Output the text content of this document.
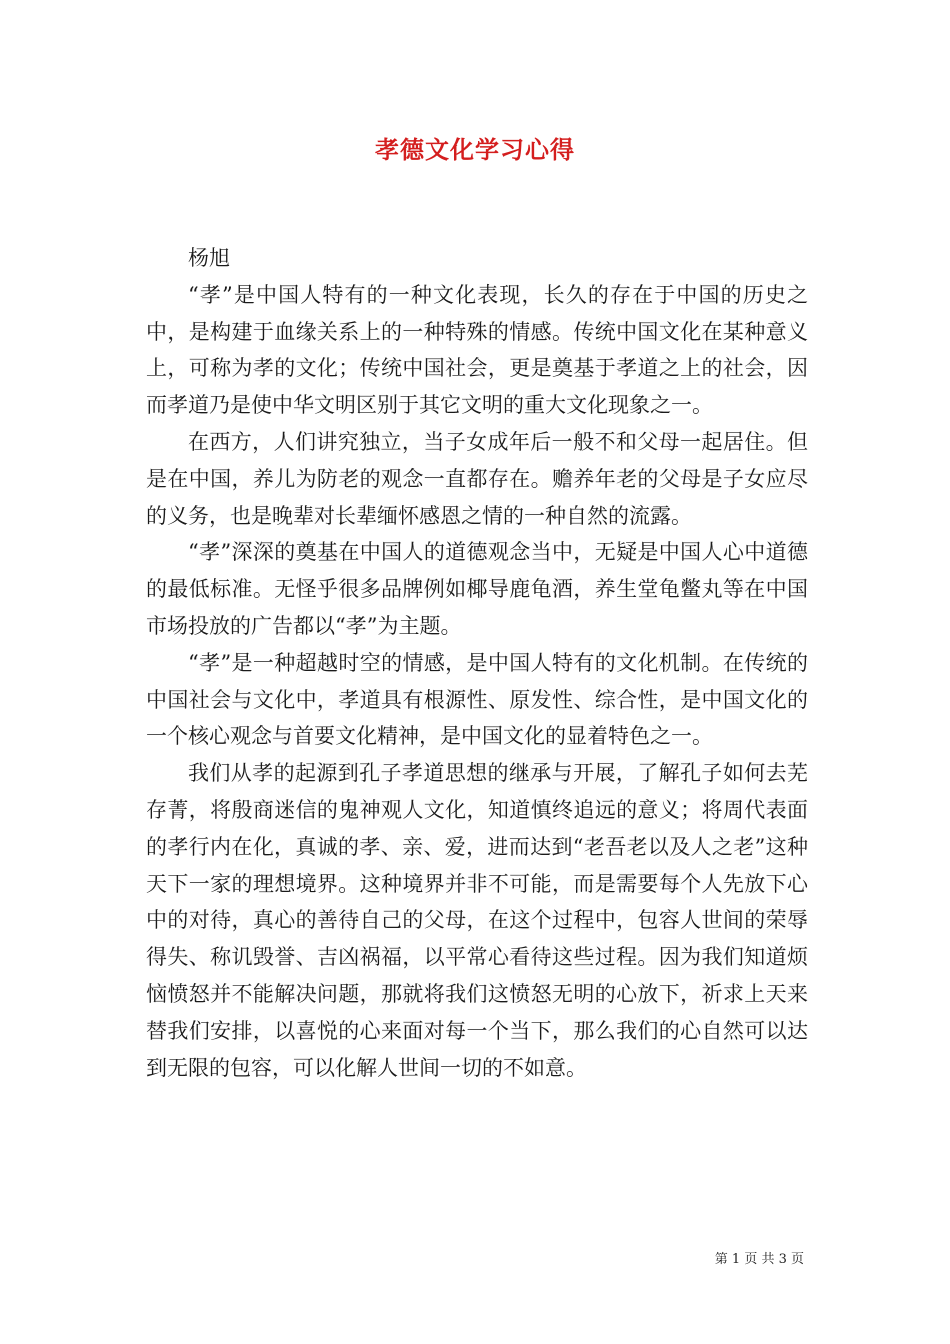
孝德文化学习心得

杨旭

“孝”是中国人特有的一种文化表现，长久的存在于中国的历史之中，是构建于血缘关系上的一种特殊的情感。传统中国文化在某种意义上，可称为孝的文化；传统中国社会，更是奠基于孝道之上的社会，因而孝道乃是使中华文明区别于其它文明的重大文化现象之一。

在西方，人们讲究独立，当子女成年后一般不和父母一起居住。但是在中国，养儿为防老的观念一直都存在。赡养年老的父母是子女应尽的义务，也是晚辈对长辈缅怀感恩之情的一种自然的流露。

“孝”深深的奠基在中国人的道德观念当中，无疑是中国人心中道德的最低标准。无怪乎很多品牌例如椰导鹿龟酒，养生堂龟鳖丸等在中国市场投放的广告都以“孝”为主题。

“孝”是一种超越时空的情感，是中国人特有的文化机制。在传统的中国社会与文化中，孝道具有根源性、原发性、综合性，是中国文化的一个核心观念与首要文化精神，是中国文化的显着特色之一。

我们从孝的起源到孔子孝道思想的继承与开展，了解孔子如何去芜存菁，将殷商迷信的鬼神观人文化，知道慎终追远的意义；将周代表面的孝行内在化，真诚的孝、亲、爱，进而达到“老吾老以及人之老”这种天下一家的理想境界。这种境界并非不可能，而是需要每个人先放下心中的对待，真心的善待自己的父母，在这个过程中，包容人世间的荣辱得失、称讥毁誉、吉凶祸福，以平常心看待这些过程。因为我们知道烦恼愤怒并不能解决问题，那就将我们这愤怒无明的心放下，祈求上天来替我们安排，以喜悦的心来面对每一个当下，那么我们的心自然可以达到无限的包容，可以化解人世间一切的不如意。

第 1 页 共 3 页
